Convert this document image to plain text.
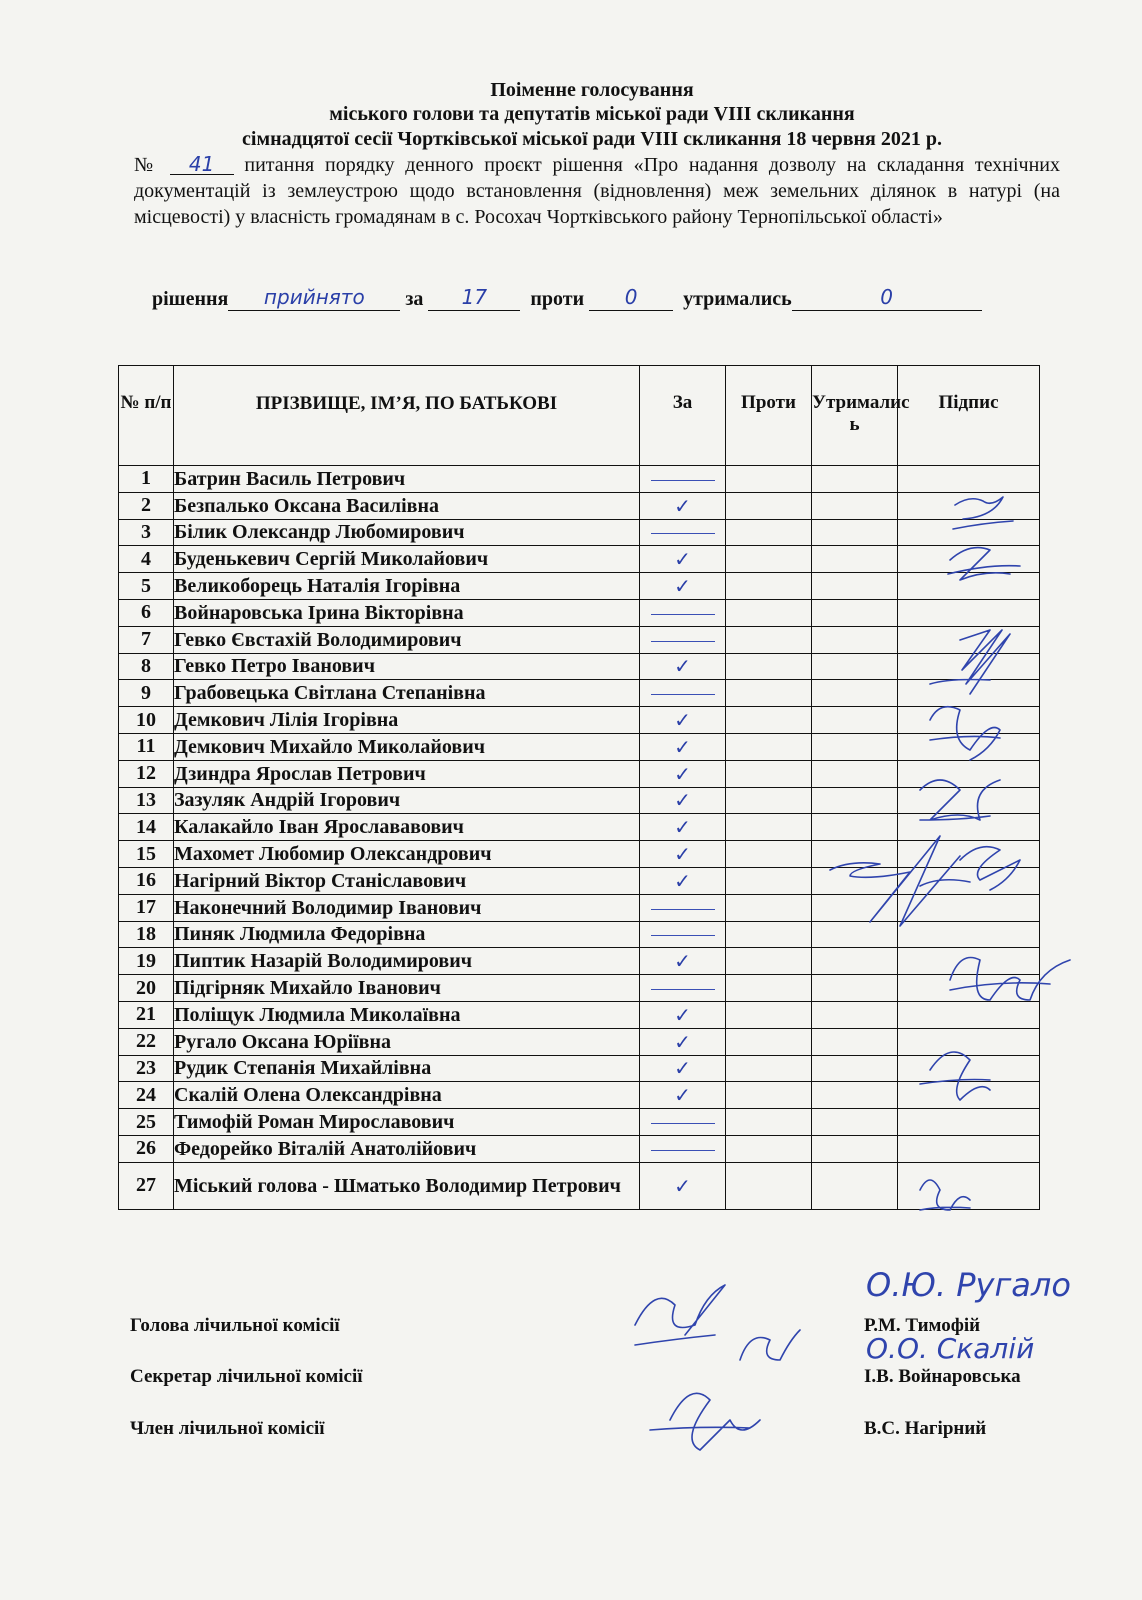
Поіменне голосування
міського голови та депутатів міської ради VIII скликання
сімнадцятої сесії Чортківської міської ради VIII скликання 18 червня 2021 р.
№ 41 питання порядку денного проєкт рішення «Про надання дозволу на складання технічних документацій із землеустрою щодо встановлення (відновлення) меж земельних ділянок в натурі (на місцевості) у власність громадянам в с. Росохач Чортківського району Тернопільської області»
рішення прийнято за 17 проти 0 утримались	0
№ п/п	ПРІЗВИЩЕ, ІМ’Я, ПО БАТЬКОВІ	За	Проти	Утрималис ь	Підпис
1	Батрин Василь Петрович				
2	Безпалько Оксана Василівна	✓			
3	Білик Олександр Любомирович				
4	Буденькевич Сергій Миколайович	✓			
5	Великоборець Наталія Ігорівна	✓			
6	Войнаровська Ірина Вікторівна				
7	Гевко Євстахій Володимирович				
8	Гевко Петро Іванович	✓			
9	Грабовецька Світлана Степанівна				
10	Демкович Лілія Ігорівна	✓			
11	Демкович Михайло Миколайович	✓			
12	Дзиндра Ярослав Петрович	✓			
13	Зазуляк Андрій Ігорович	✓			
14	Калакайло Іван Ярослававович	✓			
15	Махомет Любомир Олександрович	✓			
16	Нагірний Віктор Станіславович	✓			
17	Наконечний Володимир Іванович				
18	Пиняк Людмила Федорівна				
19	Пиптик Назарій Володимирович	✓			
20	Підгірняк Михайло Іванович				
21	Поліщук Людмила Миколаївна	✓			
22	Ругало Оксана Юріївна	✓			
23	Рудик Степанія Михайлівна	✓			
24	Скалій Олена Олександрівна	✓			
25	Тимофій Роман Мирославович				
26	Федорейко Віталій Анатолійович				
27	Міський голова - Шматько Володимир Петрович	✓			
О.Ю. Ругало
О.О. Скалій
Голова лічильної комісії	Р.М. Тимофій
Секретар лічильної комісії	І.В. Войнаровська
Член лічильної комісії	В.С. Нагірний
